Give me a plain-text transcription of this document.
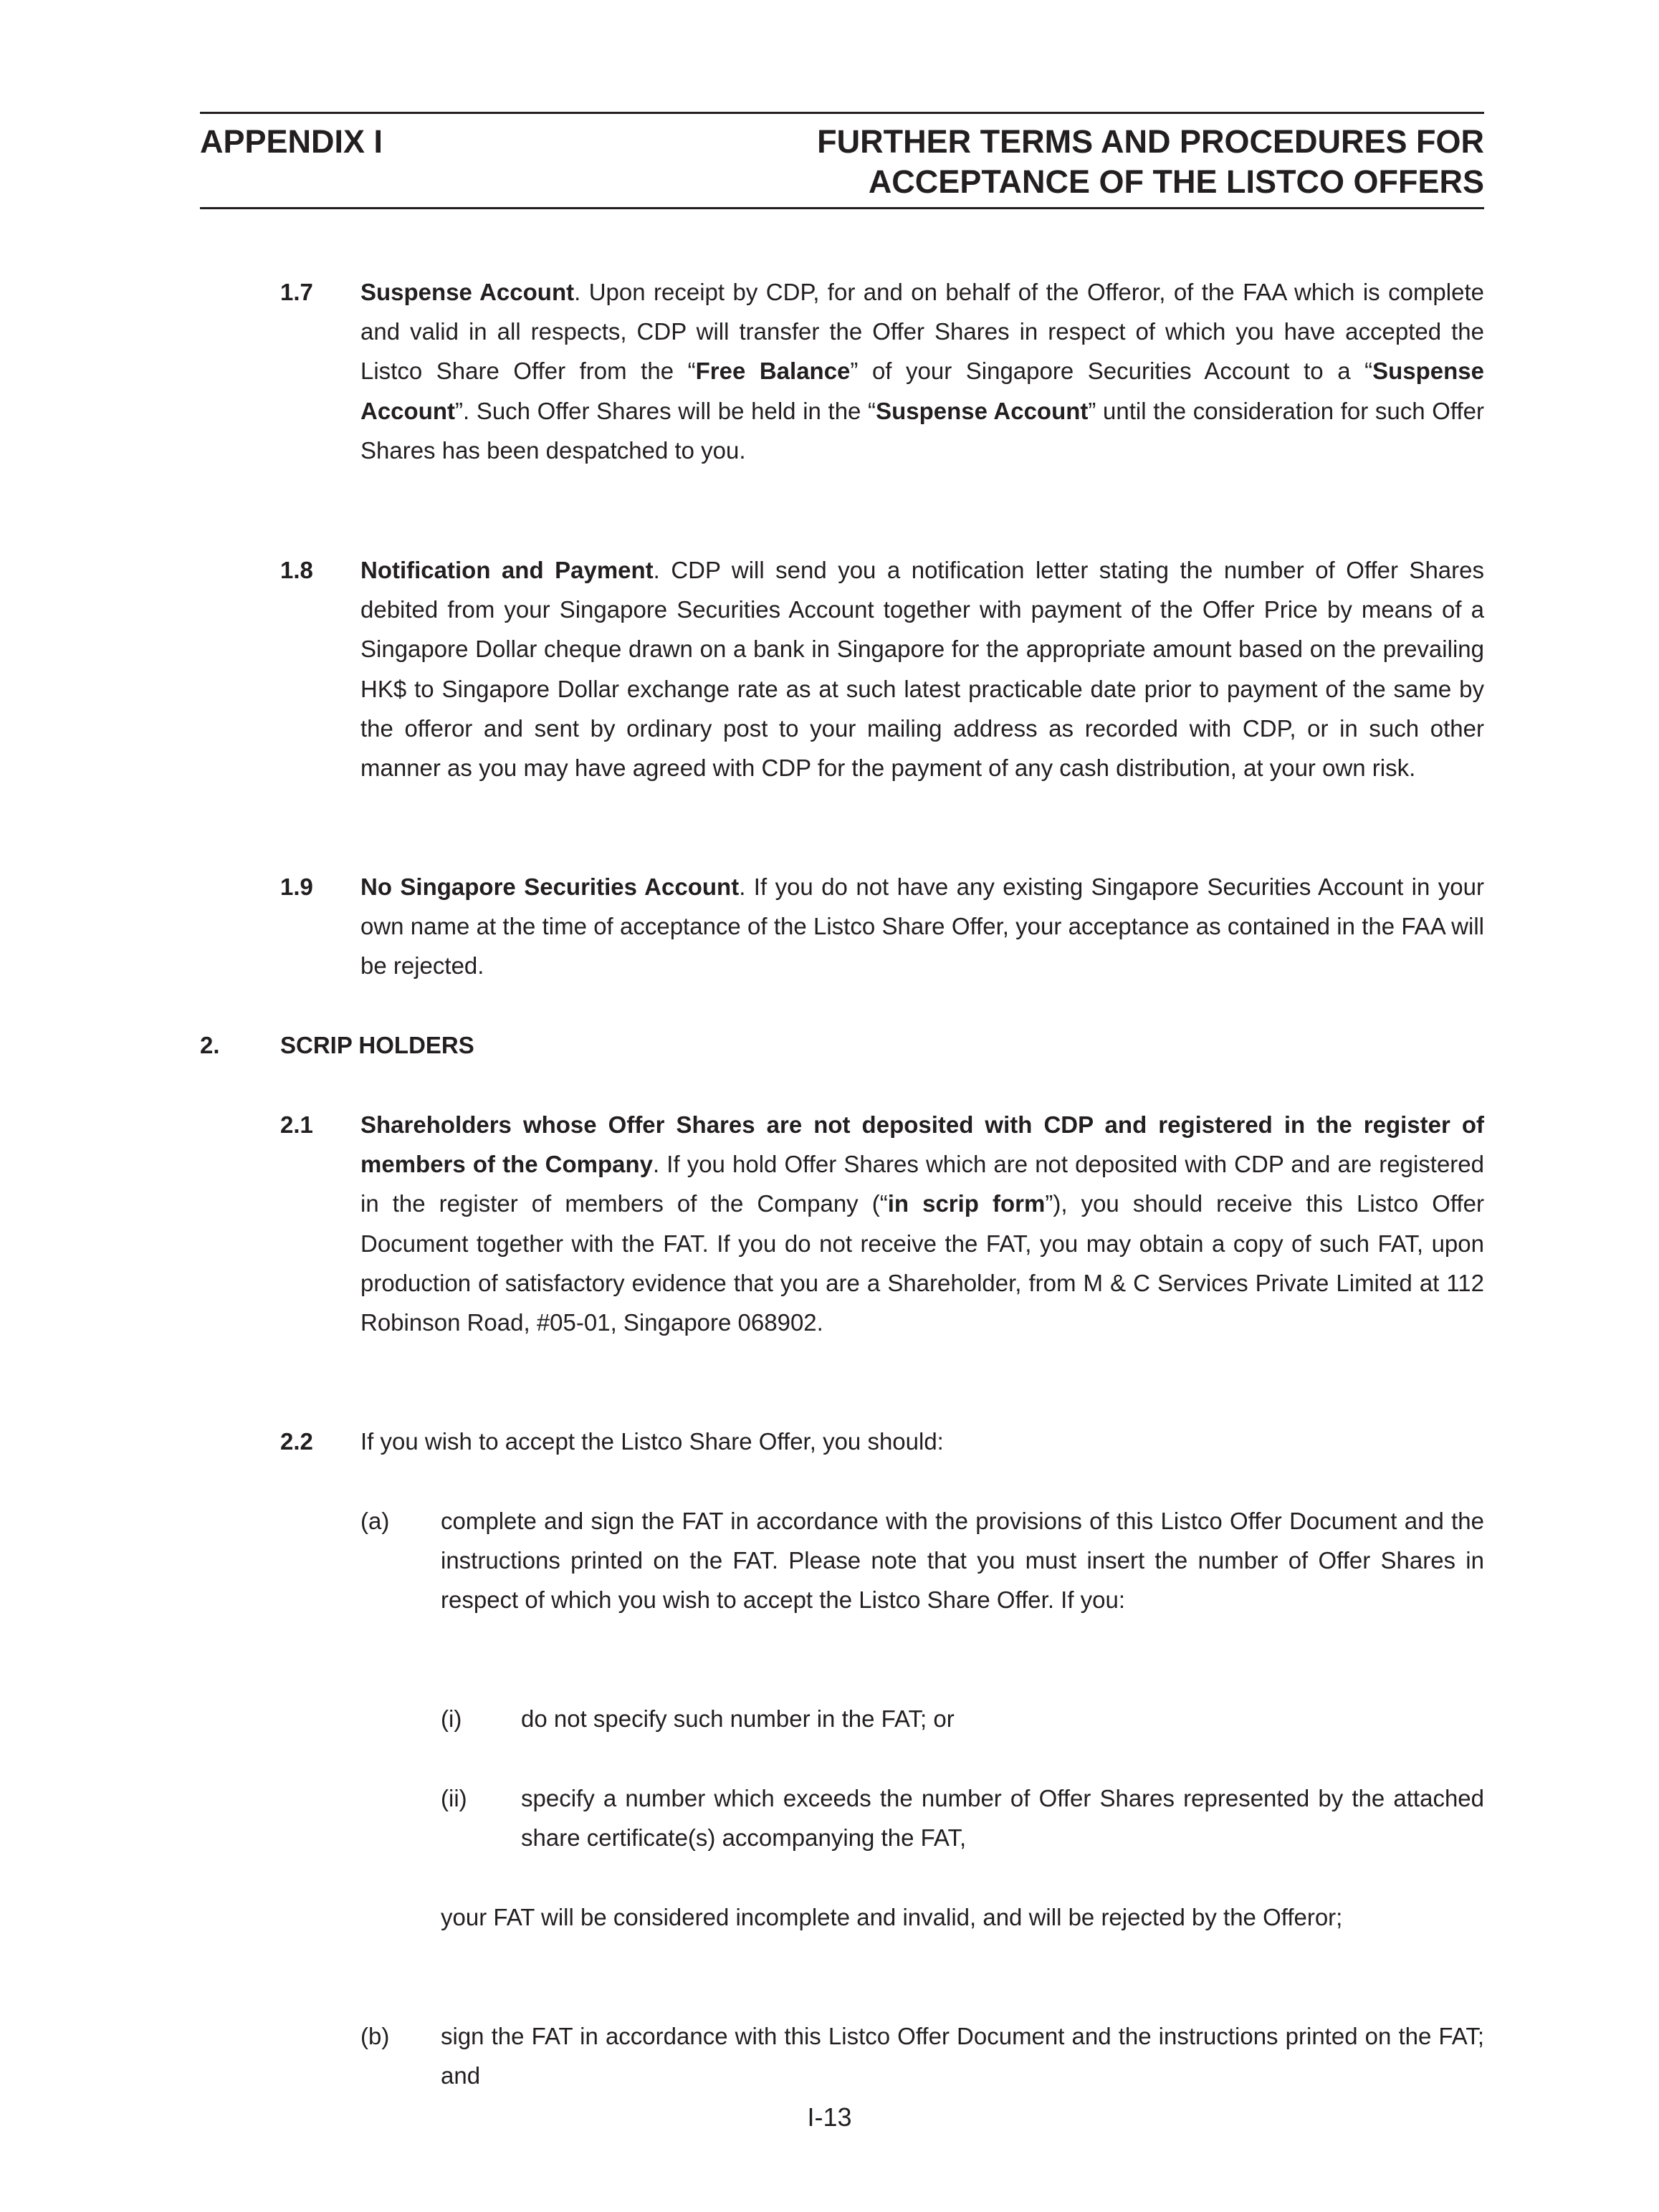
APPENDIX I	FURTHER TERMS AND PROCEDURES FOR
ACCEPTANCE OF THE LISTCO OFFERS

1.7 Suspense Account. Upon receipt by CDP, for and on behalf of the Offeror, of the FAA which is complete and valid in all respects, CDP will transfer the Offer Shares in respect of which you have accepted the Listco Share Offer from the “Free Balance” of your Singapore Securities Account to a “Suspense Account”. Such Offer Shares will be held in the “Suspense Account” until the consideration for such Offer Shares has been despatched to you.

1.8 Notification and Payment. CDP will send you a notification letter stating the number of Offer Shares debited from your Singapore Securities Account together with payment of the Offer Price by means of a Singapore Dollar cheque drawn on a bank in Singapore for the appropriate amount based on the prevailing HK$ to Singapore Dollar exchange rate as at such latest practicable date prior to payment of the same by the offeror and sent by ordinary post to your mailing address as recorded with CDP, or in such other manner as you may have agreed with CDP for the payment of any cash distribution, at your own risk.

1.9 No Singapore Securities Account. If you do not have any existing Singapore Securities Account in your own name at the time of acceptance of the Listco Share Offer, your acceptance as contained in the FAA will be rejected.

2.	SCRIP HOLDERS

2.1 Shareholders whose Offer Shares are not deposited with CDP and registered in the register of members of the Company. If you hold Offer Shares which are not deposited with CDP and are registered in the register of members of the Company (“in scrip form”), you should receive this Listco Offer Document together with the FAT. If you do not receive the FAT, you may obtain a copy of such FAT, upon production of satisfactory evidence that you are a Shareholder, from M & C Services Private Limited at 112 Robinson Road, #05-01, Singapore 068902.

2.2 If you wish to accept the Listco Share Offer, you should:

(a) complete and sign the FAT in accordance with the provisions of this Listco Offer Document and the instructions printed on the FAT. Please note that you must insert the number of Offer Shares in respect of which you wish to accept the Listco Share Offer. If you:

(i)	do not specify such number in the FAT; or

(ii) specify a number which exceeds the number of Offer Shares represented by the attached share certificate(s) accompanying the FAT,

your FAT will be considered incomplete and invalid, and will be rejected by the Offeror;

(b) sign the FAT in accordance with this Listco Offer Document and the instructions printed on the FAT; and

I-13
